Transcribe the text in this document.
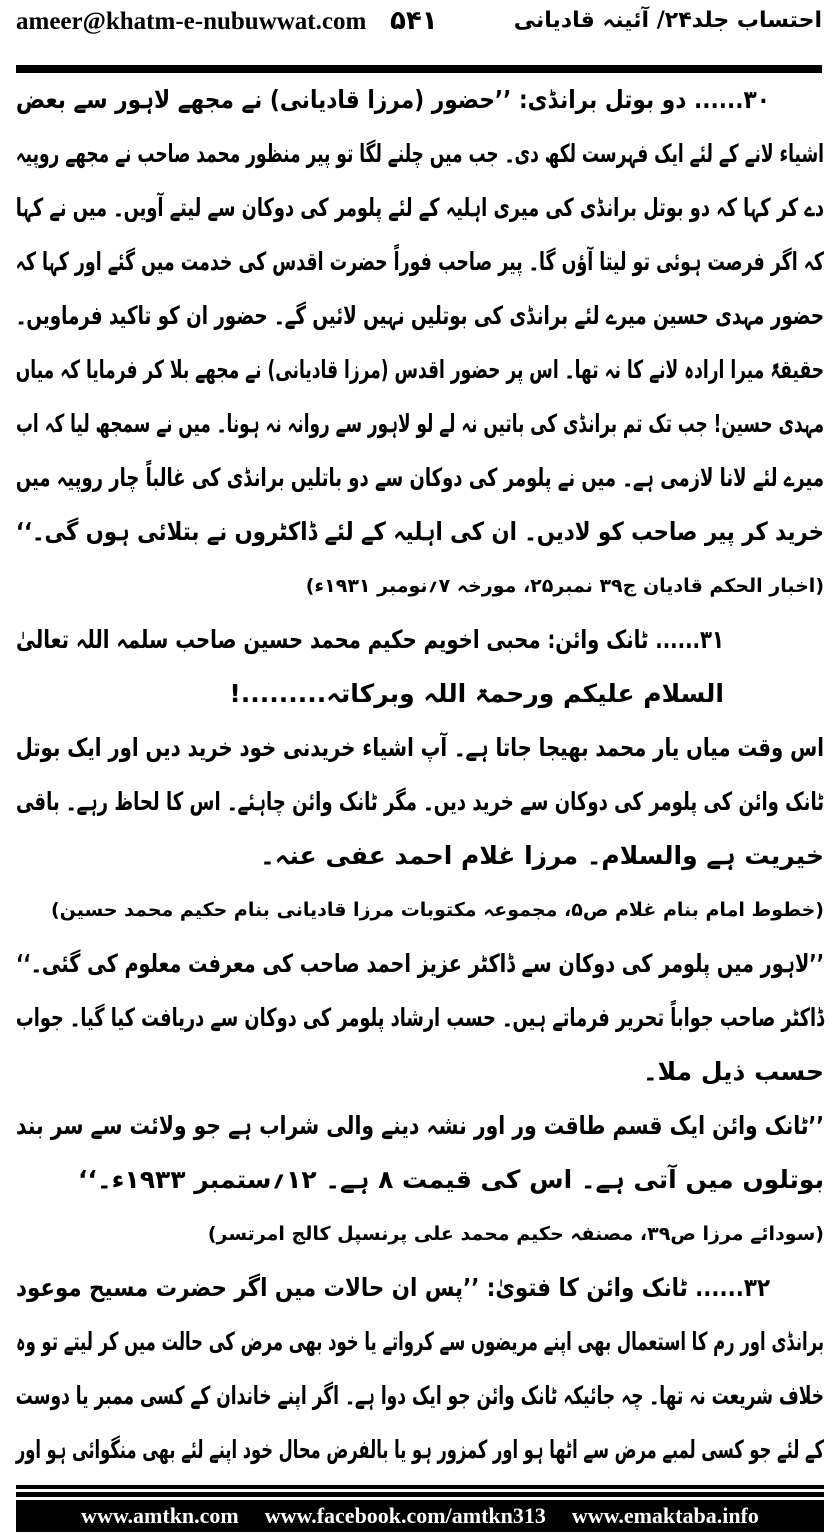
ameer@khatm-e-nubuwwat.com ۵۴۱	احتساب جلد۲۴/ آئینہ قادیانی
۳۰...... دو بوتل برانڈی: ’’حضور (مرزا قادیانی) نے مجھے لاہور سے بعض
اشیاء لانے کے لئے ایک فہرست لکھ دی۔ جب میں چلنے لگا تو پیر منظور محمد صاحب نے مجھے روپیہ
دے کر کہا کہ دو بوتل برانڈی کی میری اہلیہ کے لئے پلومر کی دوکان سے لیتے آویں۔ میں نے کہا
کہ اگر فرصت ہوئی تو لیتا آؤں گا۔ پیر صاحب فوراً حضرت اقدس کی خدمت میں گئے اور کہا کہ
حضور مہدی حسین میرے لئے برانڈی کی بوتلیں نہیں لائیں گے۔ حضور ان کو تاکید فرماویں۔
حقیقۃً میرا ارادہ لانے کا نہ تھا۔ اس پر حضور اقدس (مرزا قادیانی) نے مجھے بلا کر فرمایا کہ میاں
مہدی حسین! جب تک تم برانڈی کی باتیں نہ لے لو لاہور سے روانہ نہ ہونا۔ میں نے سمجھ لیا کہ اب
میرے لئے لانا لازمی ہے۔ میں نے پلومر کی دوکان سے دو باتلیں برانڈی کی غالباً چار روپیہ میں
خرید کر پیر صاحب کو لادیں۔ ان کی اہلیہ کے لئے ڈاکٹروں نے بتلائی ہوں گی۔‘‘
(اخبار الحکم قادیان ج۳۹ نمبر۲۵، مورخہ ۷؍نومبر ۱۹۳۱ء)
۳۱...... ٹانک وائن: محبی اخویم حکیم محمد حسین صاحب سلمہ اللہ تعالیٰ
السلام علیکم ورحمۃ اللہ وبرکاتہ.........!
اس وقت میاں یار محمد بھیجا جاتا ہے۔ آپ اشیاء خریدنی خود خرید دیں اور ایک بوتل
ٹانک وائن کی پلومر کی دوکان سے خرید دیں۔ مگر ٹانک وائن چاہئے۔ اس کا لحاظ رہے۔ باقی
خیریت ہے والسلام۔ مرزا غلام احمد عفی عنہ۔
(خطوط امام بنام غلام ص۵، مجموعہ مکتوبات مرزا قادیانی بنام حکیم محمد حسین)
’’لاہور میں پلومر کی دوکان سے ڈاکٹر عزیز احمد صاحب کی معرفت معلوم کی گئی۔‘‘
ڈاکٹر صاحب جواباً تحریر فرماتے ہیں۔ حسب ارشاد پلومر کی دوکان سے دریافت کیا گیا۔ جواب
حسب ذیل ملا۔
’’ٹانک وائن ایک قسم طاقت ور اور نشہ دینے والی شراب ہے جو ولائت سے سر بند
بوتلوں میں آتی ہے۔ اس کی قیمت ۸ ہے۔ ۱۲؍ستمبر ۱۹۳۳ء۔‘‘
(سودائے مرزا ص۳۹، مصنفہ حکیم محمد علی پرنسپل کالج امرتسر)
۳۲...... ٹانک وائن کا فتویٰ: ’’پس ان حالات میں اگر حضرت مسیح موعود
برانڈی اور رم کا استعمال بھی اپنے مریضوں سے کرواتے یا خود بھی مرض کی حالت میں کر لیتے تو وہ
خلاف شریعت نہ تھا۔ چہ جائیکہ ٹانک وائن جو ایک دوا ہے۔ اگر اپنے خاندان کے کسی ممبر یا دوست
کے لئے جو کسی لمبے مرض سے اٹھا ہو اور کمزور ہو یا بالفرض محال خود اپنے لئے بھی منگوائی ہو اور
www.amtkn.com www.facebook.com/amtkn313 www.emaktaba.info
